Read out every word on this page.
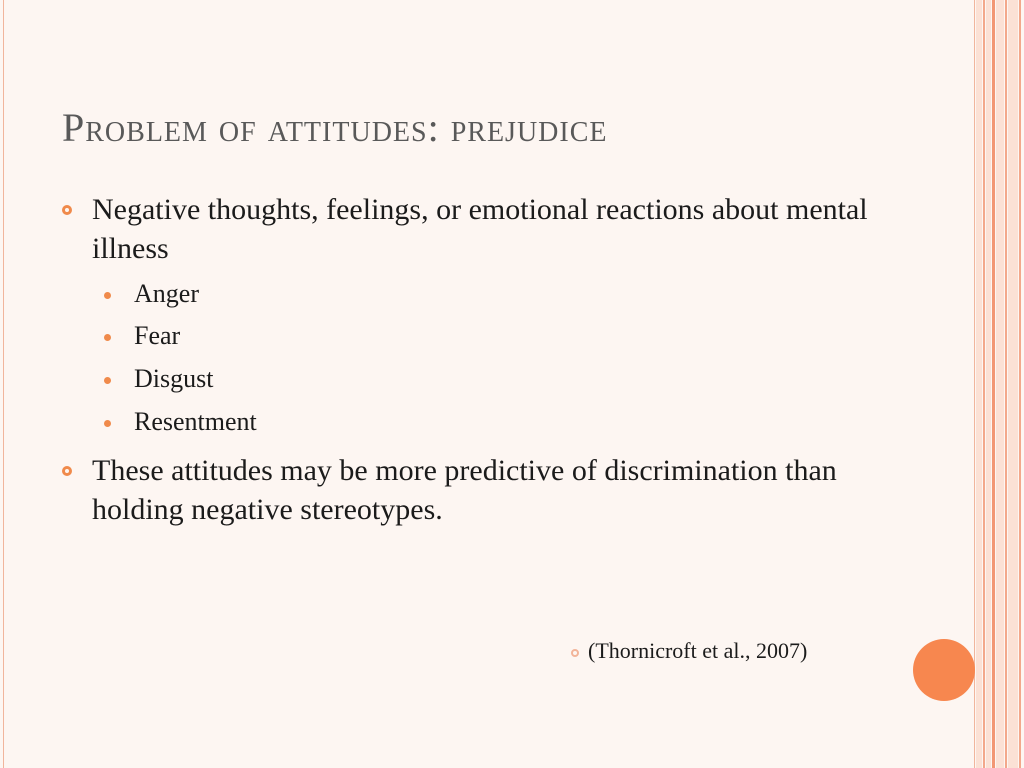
Problem of attitudes: prejudice
Negative thoughts, feelings, or emotional reactions about mental illness
Anger
Fear
Disgust
Resentment
These attitudes may be more predictive of discrimination than holding negative stereotypes.
(Thornicroft et al., 2007)
